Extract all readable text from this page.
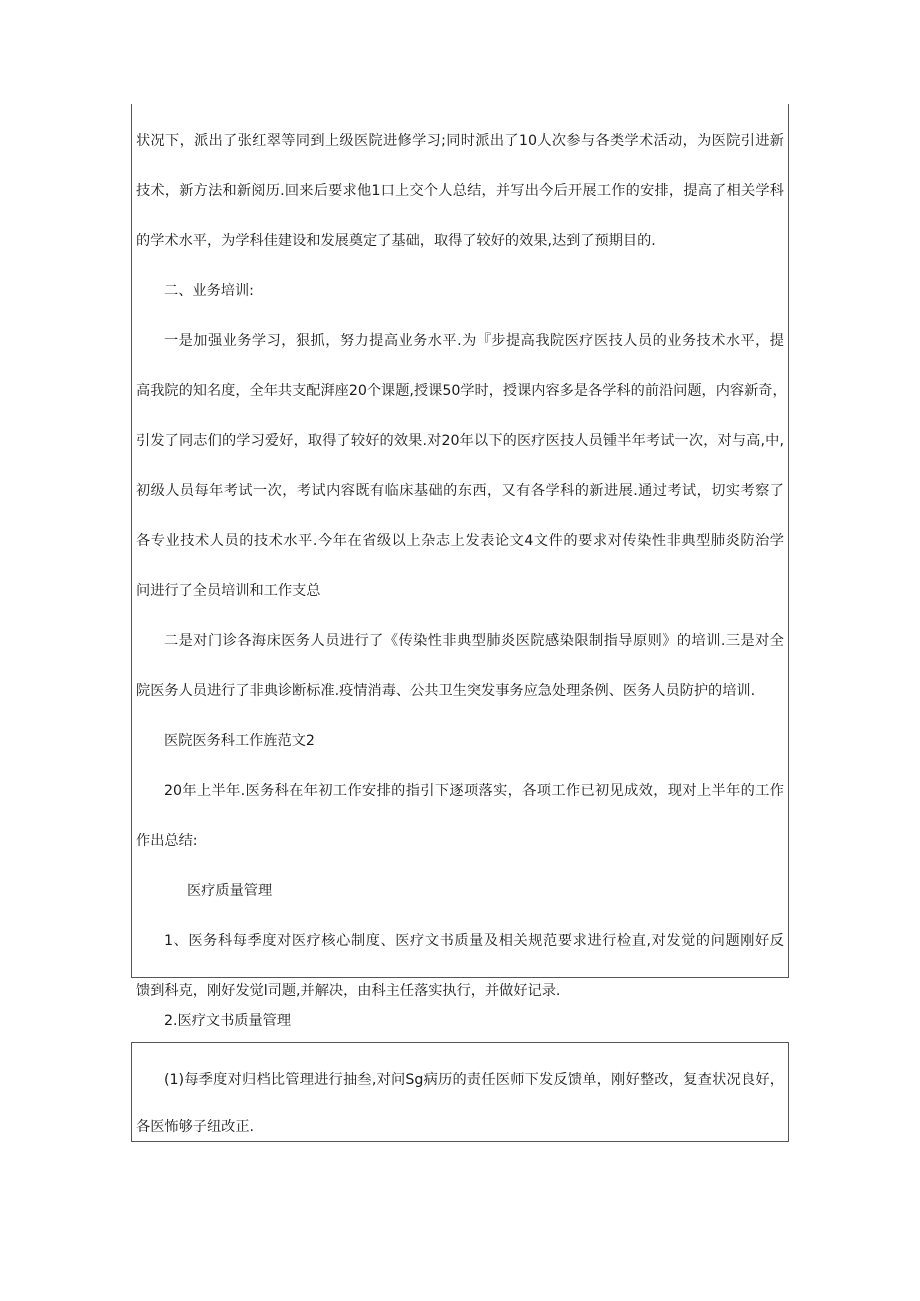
状况下，派出了张红翠等同到上级医院进修学习;同时派出了10人次参与各类学术活动，为医院引进新
技术，新方法和新阅历.回来后要求他1口上交个人总结，并写出今后开展工作的安排，提高了相关学科
的学术水平，为学科佳建设和发展奠定了基础，取得了较好的效果,达到了预期目的.
二、业务培训:
一是加强业务学习，狠抓，努力提高业务水平.为『步提高我院医疗医技人员的业务技术水平，提
高我院的知名度，全年共支配湃座20个课题,授课50学时，授课内容多是各学科的前沿问题，内容新奇，
引发了同志们的学习爱好，取得了较好的效果.对20年以下的医疗医技人员锺半年考试一次，对与高,中,
初级人员每年考试一次，考试内容既有临床基础的东西，又有各学科的新进展.通过考试，切实考察了
各专业技术人员的技术水平.今年在省级以上杂志上发表论文4文件的要求对传染性非典型肺炎防治学
问进行了全员培训和工作支总
二是对门诊各海床医务人员进行了《传染性非典型肺炎医院感染限制指导原则》的培训.三是对全
院医务人员进行了非典诊断标准.疫情消毒、公共卫生突发事务应急处理条例、医务人员防护的培训.
医院医务科工作旌范文2
20年上半年.医务科在年初工作安排的指引下逐项落实，各项工作已初见成效，现对上半年的工作
作出总结:
医疗质量管理
1、医务科每季度对医疗核心制度、医疗文书质量及相关规范要求进行检直,对发觉的问题刚好反
馈到科克，刚好发觉l司题,并解决，由科主任落实执行，并做好记录.
2.医疗文书质量管理
(1)每季度对归档比管理进行抽叁,对问Sg病历的责任医师下发反馈单，刚好整改，复查状况良好，
各医怖够子纽改正.
